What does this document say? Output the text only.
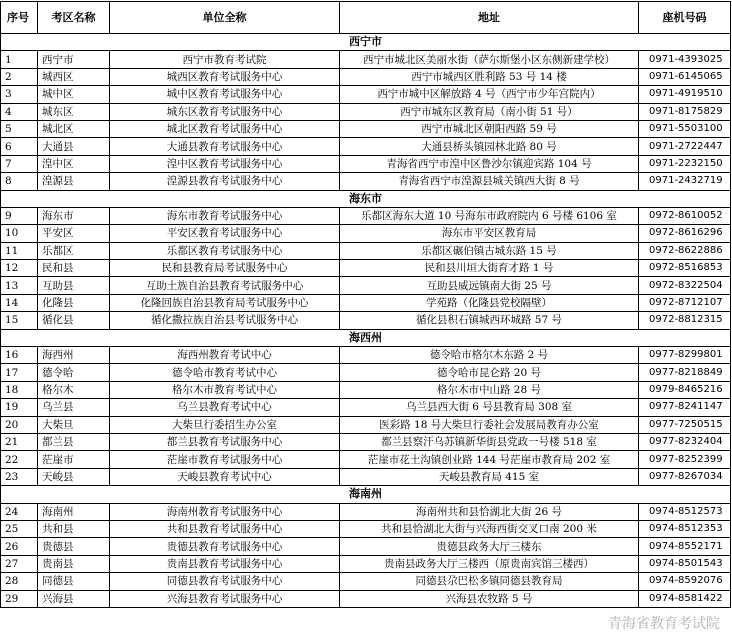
序号	考区名称	单位全称	地址	座机号码
西宁市				
1	西宁市	西宁市教育考试院	西宁市城北区美丽水街（萨尔斯堡小区东侧新建学校）	0971-4393025
2	城西区	城西区教育考试服务中心	西宁市城西区胜利路 53 号 14 楼	0971-6145065
3	城中区	城中区教育考试服务中心	西宁市城中区解放路 4 号（西宁市少年宫院内）	0971-4919510
4	城东区	城东区教育考试服务中心	西宁市城东区教育局（南小街 51 号）	0971-8175829
5	城北区	城北区教育考试服务中心	西宁市城北区朝阳西路 59 号	0971-5503100
6	大通县	大通县教育考试服务中心	大通县桥头镇园林北路 80 号	0971-2722447
7	湟中区	湟中区教育考试服务中心	青海省西宁市湟中区鲁沙尔镇迎宾路 104 号	0971-2232150
8	湟源县	湟源县教育考试服务中心	青海省西宁市湟源县城关镇西大街 8 号	0971-2432719
海东市				
9	海东市	海东市教育考试服务中心	乐都区海东大道 10 号海东市政府院内 6 号楼 6106 室	0972-8610052
10	平安区	平安区教育考试服务中心	海东市平安区教育局	0972-8616296
11	乐都区	乐都区教育考试服务中心	乐都区碾伯镇古城东路 15 号	0972-8622886
12	民和县	民和县教育局考试服务中心	民和县川垣大街育才路 1 号	0972-8516853
13	互助县	互助土族自治县教育考试服务中心	互助县威远镇南大街 25 号	0972-8322504
14	化隆县	化隆回族自治县教育局考试服务中心	学苑路（化隆县党校隔壁）	0972-8712107
15	循化县	循化撒拉族自治县考试服务中心	循化县积石镇城西环城路 57 号	0972-8812315
海西州				
16	海西州	海西州教育考试中心	德令哈市格尔木东路 2 号	0977-8299801
17	德令哈	德令哈市教育考试中心	德令哈市昆仑路 20 号	0977-8218849
18	格尔木	格尔木市教育考试中心	格尔木市中山路 28 号	0979-8465216
19	乌兰县	乌兰县教育考试中心	乌兰县西大街 6 号县教育局 308 室	0977-8241147
20	大柴旦	大柴旦行委招生办公室	医彩路 18 号大柴旦行委社会发展局教育办公室	0977-7250515
21	都兰县	都兰县教育考试服务中心	都兰县察汗乌苏镇新华街县党政一号楼 518 室	0977-8232404
22	茫崖市	茫崖市教育考试服务中心	茫崖市花土沟镇创业路 144 号茫崖市教育局 202 室	0977-8252399
23	天峻县	天峻县教育考试中心	天峻县教育局 415 室	0977-8267034
海南州				
24	海南州	海南州教育考试服务中心	海南州共和县恰湖北大街 26 号	0974-8512573
25	共和县	共和县教育考试服务中心	共和县恰湖北大街与兴海西街交叉口南 200 米	0974-8512353
26	贵德县	贵德县教育考试服务中心	贵德县政务大厅三楼东	0974-8552171
27	贵南县	贵南县教育考试服务中心	贵南县政务大厅三楼西（原贵南宾馆三楼西）	0974-8501543
28	同德县	同德县教育考试服务中心	同德县尕巴松多镇同德县教育局	0974-8592076
29	兴海县	兴海县教育考试服务中心	兴海县农牧路 5 号	0974-8581422
青海省教育考试院
